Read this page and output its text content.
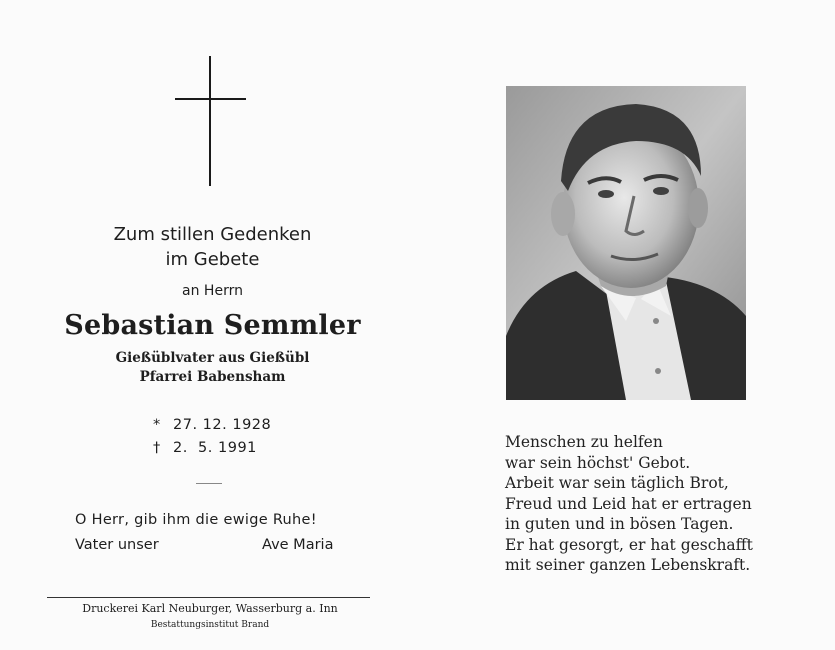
Zum stillen Gedenken
im Gebete
an Herrn
Sebastian Semmler
Gießüblvater aus Gießübl
Pfarrei Babensham
* 27. 12. 1928
† 2.  5. 1991
O Herr, gib ihm die ewige Ruhe!
Vater unser	Ave Maria
Druckerei Karl Neuburger, Wasserburg a. Inn
Bestattungsinstitut Brand
Menschen zu helfen
war sein höchst' Gebot.
Arbeit war sein täglich Brot,
Freud und Leid hat er ertragen
in guten und in bösen Tagen.
Er hat gesorgt, er hat geschafft
mit seiner ganzen Lebenskraft.
